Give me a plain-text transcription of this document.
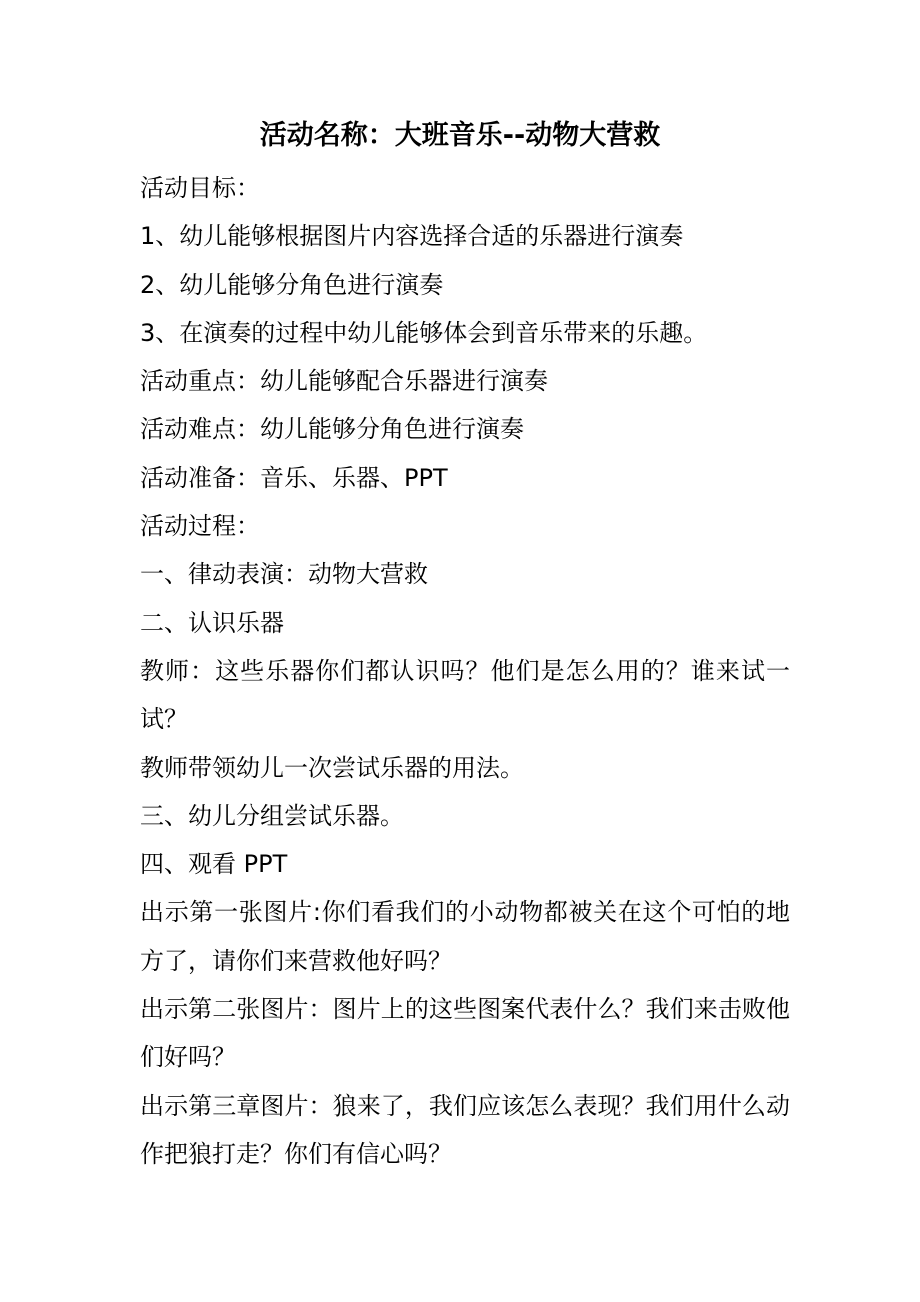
活动名称：大班音乐--动物大营救

活动目标：

1、幼儿能够根据图片内容选择合适的乐器进行演奏

2、幼儿能够分角色进行演奏

3、在演奏的过程中幼儿能够体会到音乐带来的乐趣。

活动重点：幼儿能够配合乐器进行演奏

活动难点：幼儿能够分角色进行演奏

活动准备：音乐、乐器、PPT

活动过程：

一、律动表演：动物大营救

二、认识乐器

教师：这些乐器你们都认识吗？他们是怎么用的？谁来试一试？

教师带领幼儿一次尝试乐器的用法。

三、幼儿分组尝试乐器。

四、观看 PPT

出示第一张图片:你们看我们的小动物都被关在这个可怕的地方了，请你们来营救他好吗？

出示第二张图片：图片上的这些图案代表什么？我们来击败他们好吗？

出示第三章图片：狼来了，我们应该怎么表现？我们用什么动作把狼打走？你们有信心吗？
